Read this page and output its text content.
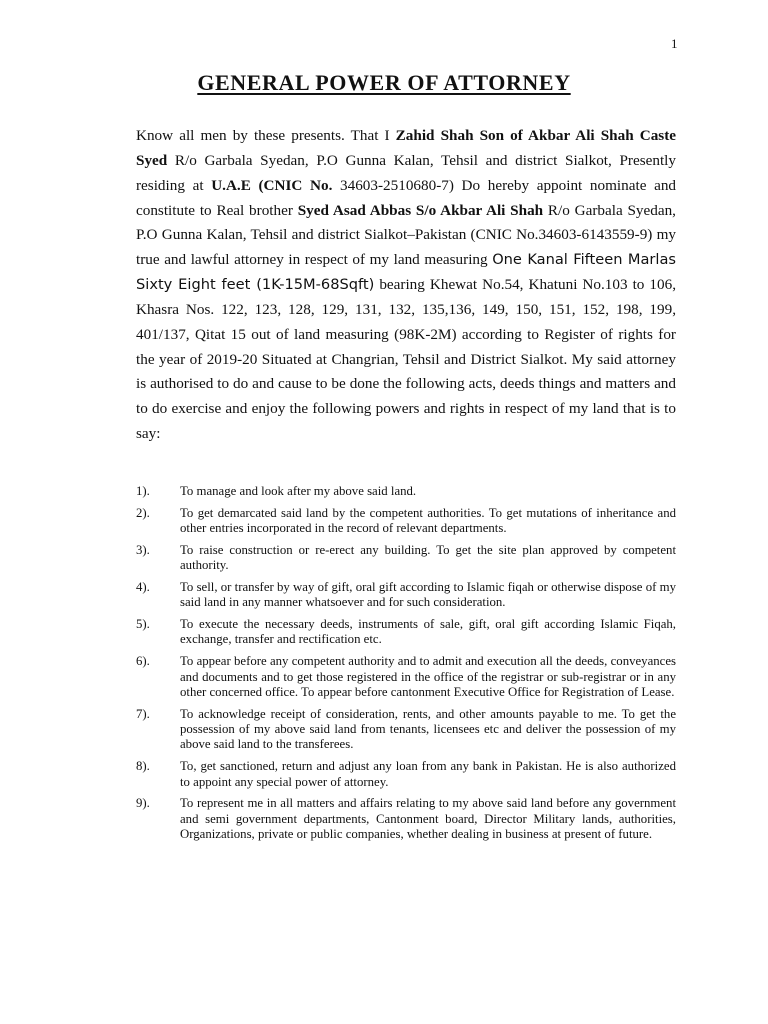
1
GENERAL POWER OF ATTORNEY

Know all men by these presents. That I Zahid Shah Son of Akbar Ali Shah Caste Syed R/o Garbala Syedan, P.O Gunna Kalan, Tehsil and district Sialkot, Presently residing at U.A.E (CNIC No. 34603-2510680-7) Do hereby appoint nominate and constitute to Real brother Syed Asad Abbas S/o Akbar Ali Shah R/o Garbala Syedan, P.O Gunna Kalan, Tehsil and district Sialkot–Pakistan (CNIC No.34603-6143559-9) my true and lawful attorney in respect of my land measuring One Kanal Fifteen Marlas Sixty Eight feet (1K-15M-68Sqft) bearing Khewat No.54, Khatuni No.103 to 106, Khasra Nos. 122, 123, 128, 129, 131, 132, 135,136, 149, 150, 151, 152, 198, 199, 401/137, Qitat 15 out of land measuring (98K-2M) according to Register of rights for the year of 2019-20 Situated at Changrian, Tehsil and District Sialkot. My said attorney is authorised to do and cause to be done the following acts, deeds things and matters and to do exercise and enjoy the following powers and rights in respect of my land that is to say:

1).	To manage and look after my above said land.
2).	To get demarcated said land by the competent authorities. To get mutations of inheritance and other entries incorporated in the record of relevant departments.
3).	To raise construction or re-erect any building. To get the site plan approved by competent authority.
4).	To sell, or transfer by way of gift, oral gift according to Islamic fiqah or otherwise dispose of my said land in any manner whatsoever and for such consideration.
5).	To execute the necessary deeds, instruments of sale, gift, oral gift according Islamic Fiqah, exchange, transfer and rectification etc.
6).	To appear before any competent authority and to admit and execution all the deeds, conveyances and documents and to get those registered in the office of the registrar or sub-registrar or in any other concerned office. To appear before cantonment Executive Office for Registration of Lease.
7).	To acknowledge receipt of consideration, rents, and other amounts payable to me. To get the possession of my above said land from tenants, licensees etc and deliver the possession of my above said land to the transferees.
8).	To, get sanctioned, return and adjust any loan from any bank in Pakistan. He is also authorized to appoint any special power of attorney.
9).	To represent me in all matters and affairs relating to my above said land before any government and semi government departments, Cantonment board, Director Military lands, authorities, Organizations, private or public companies, whether dealing in business at present of future.
